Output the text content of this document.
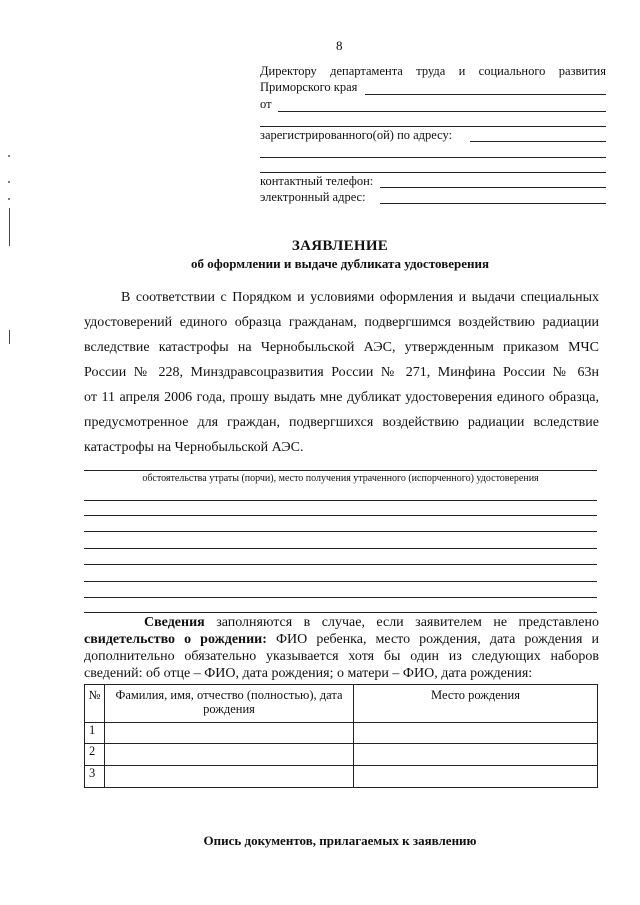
8
Директору департамента труда и социального развития
Приморского края
от
зарегистрированного(ой) по адресу:
контактный телефон:
электронный адрес:
ЗАЯВЛЕНИЕ
об оформлении и выдаче дубликата удостоверения
В соответствии с Порядком и условиями оформления и выдачи специальных
удостоверений единого образца гражданам, подвергшимся воздействию радиации
вследствие катастрофы на Чернобыльской АЭС, утвержденным приказом МЧС
России № 228, Минздравсоцразвития России № 271, Минфина России № 63н
от 11 апреля 2006 года, прошу выдать мне дубликат удостоверения единого образца,
предусмотренное для граждан, подвергшихся воздействию радиации вследствие
катастрофы на Чернобыльской АЭС.
обстоятельства утраты (порчи), место получения утраченного (испорченного) удостоверения
Сведения заполняются в случае, если заявителем не представлено
свидетельство о рождении: ФИО ребенка, место рождения, дата рождения и
дополнительно обязательно указывается хотя бы один из следующих наборов
сведений: об отце – ФИО, дата рождения; о матери – ФИО, дата рождения:
№	Фамилия, имя, отчество (полностью), дата рождения	Место рождения
1		
2		
3		
Опись документов, прилагаемых к заявлению
